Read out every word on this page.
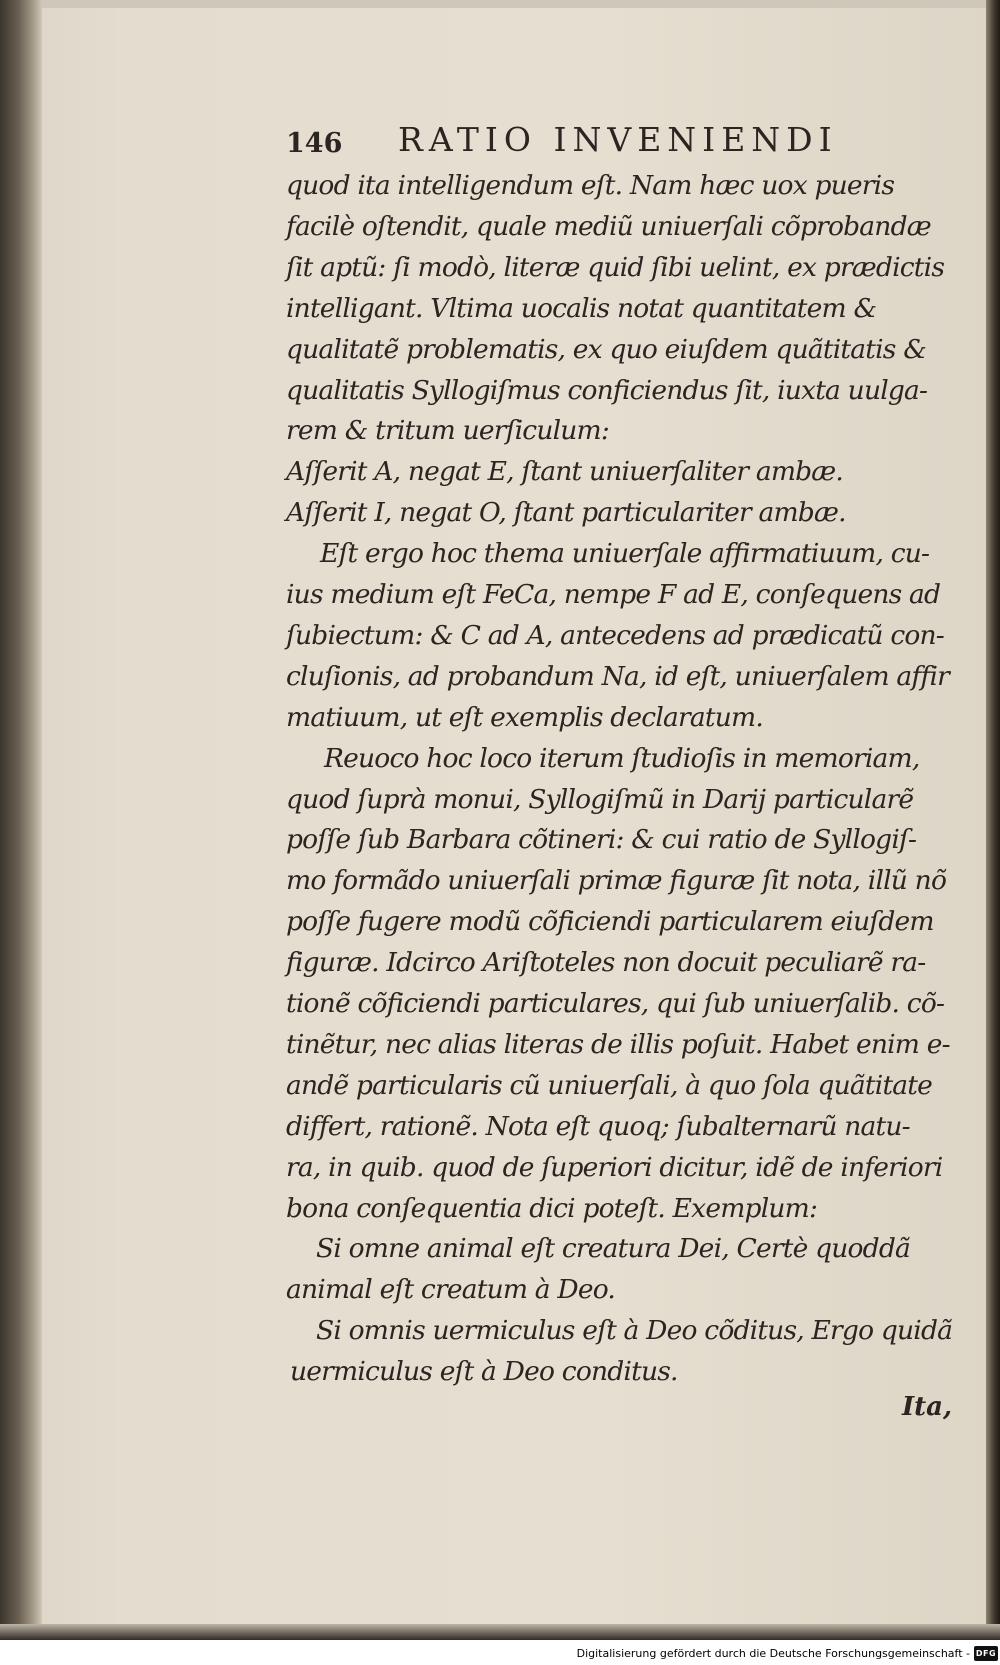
146 RATIO INVENIENDI
quod ita intelligendum eſt. Nam hæc uox pueris
facilè oſtendit, quale mediũ uniuerſali cõprobandæ
ſit aptũ: ſi modò, literæ quid ſibi uelint, ex prædictis
intelligant. Vltima uocalis notat quantitatem &
qualitatẽ problematis, ex quo eiuſdem quãtitatis &
qualitatis Syllogiſmus conficiendus ſit, iuxta uulga-
rem & tritum uerſiculum:
Aſſerit A, negat E, ſtant uniuerſaliter ambæ.
Aſſerit I, negat O, ſtant particulariter ambæ.
Eſt ergo hoc thema uniuerſale affirmatiuum, cu-
ius medium eſt FeCa, nempe F ad E, conſequens ad
ſubiectum: & C ad A, antecedens ad prædicatũ con-
cluſionis, ad probandum Na, id eſt, uniuerſalem affir
matiuum, ut eſt exemplis declaratum.
Reuoco hoc loco iterum ſtudioſis in memoriam,
quod ſuprà monui, Syllogiſmũ in Darij particularẽ
poſſe ſub Barbara cõtineri: & cui ratio de Syllogiſ-
mo formãdo uniuerſali primæ figuræ ſit nota, illũ nõ
poſſe fugere modũ cõficiendi particularem eiuſdem
figuræ. Idcirco Ariſtoteles non docuit peculiarẽ ra-
tionẽ cõficiendi particulares, qui ſub uniuerſalib. cõ-
tinẽtur, nec alias literas de illis poſuit. Habet enim e-
andẽ particularis cũ uniuerſali, à quo ſola quãtitate
differt, rationẽ. Nota eſt quoq; ſubalternarũ natu-
ra, in quib. quod de ſuperiori dicitur, idẽ de inferiori
bona conſequentia dici poteſt. Exemplum:
Si omne animal eſt creatura Dei, Certè quoddã
animal eſt creatum à Deo.
Si omnis uermiculus eſt à Deo cõditus, Ergo quidã
uermiculus eſt à Deo conditus.
Ita,
Digitalisierung gefördert durch die Deutsche Forschungsgemeinschaft - DFG
